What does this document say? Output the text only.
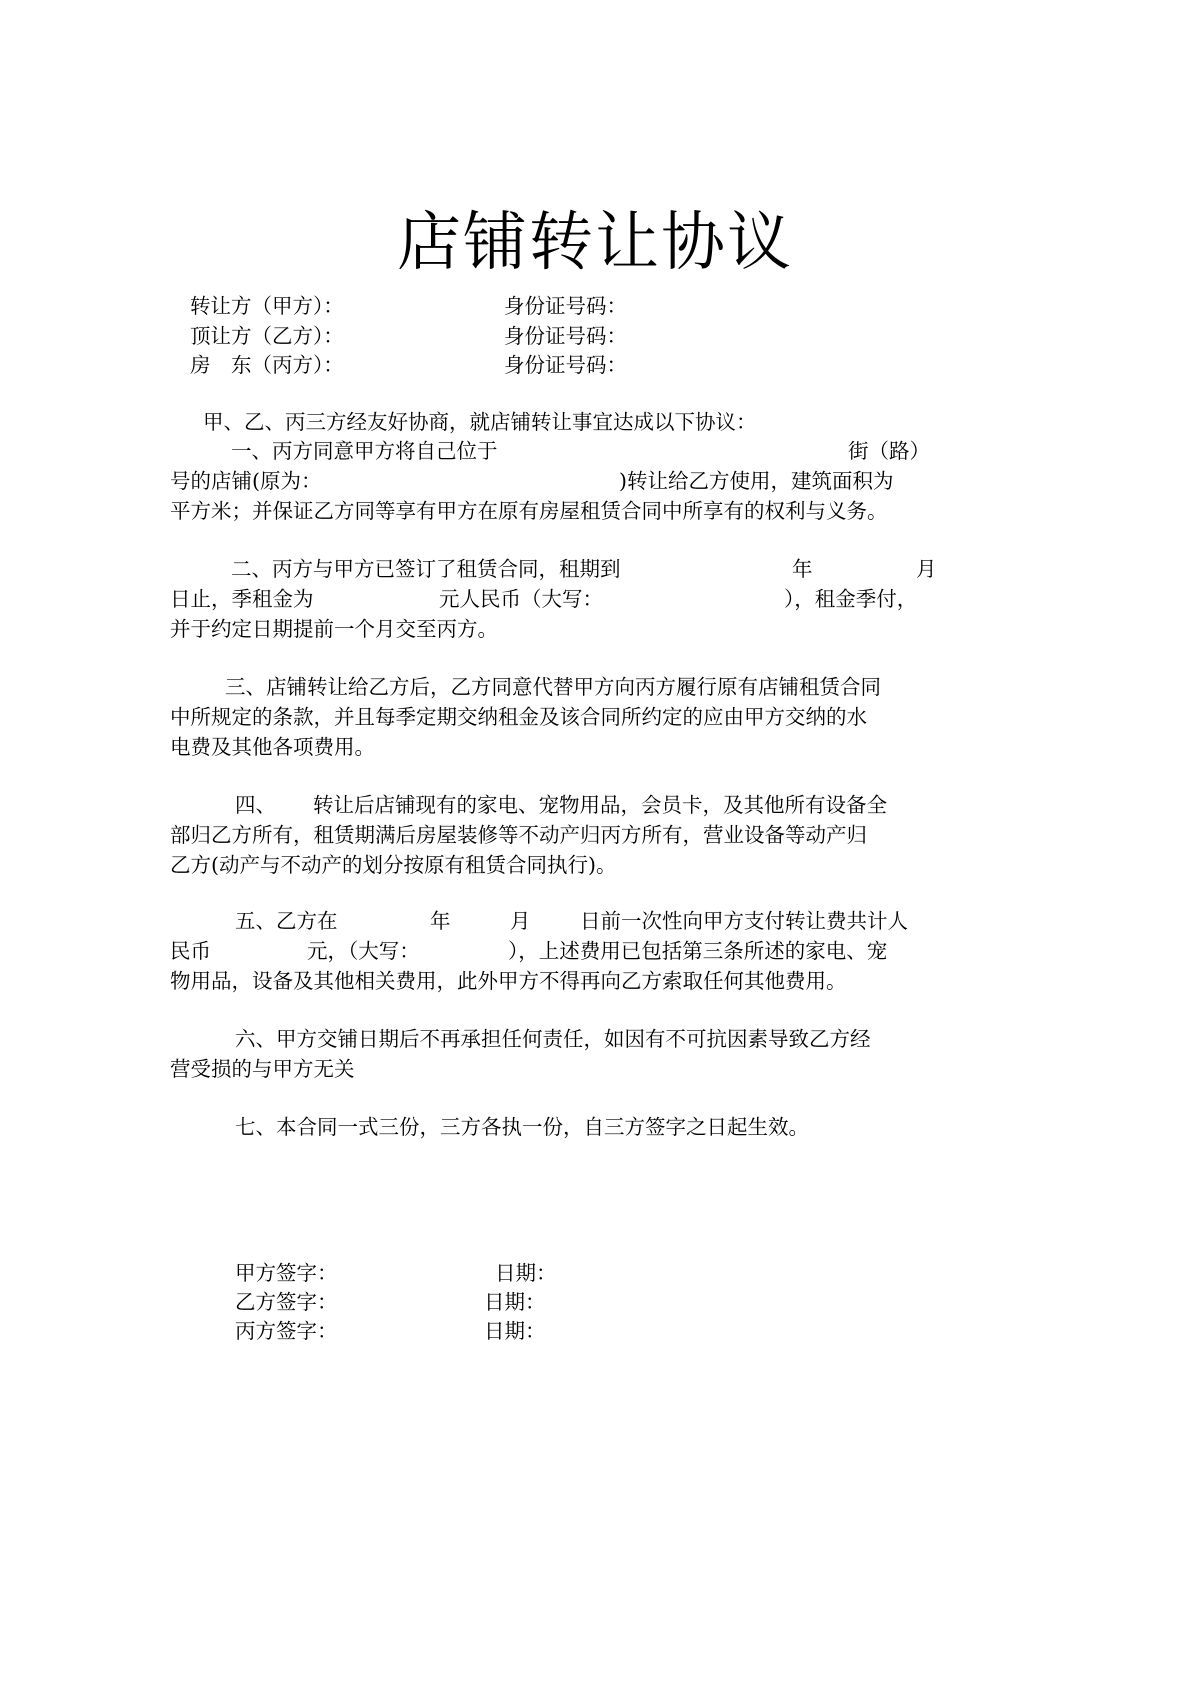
店铺转让协议
转让方（甲方）：	身份证号码：
顶让方（乙方）：	身份证号码：
房　东（丙方）：	身份证号码：
甲、乙、丙三方经友好协商，就店铺转让事宜达成以下协议：
一、丙方同意甲方将自己位于	街（路）
号的店铺(原为：	)转让给乙方使用，建筑面积为
平方米；并保证乙方同等享有甲方在原有房屋租赁合同中所享有的权利与义务。
二、丙方与甲方已签订了租赁合同，租期到	年	月
日止，季租金为	元人民币（大写：	），租金季付，
并于约定日期提前一个月交至丙方。
三、店铺转让给乙方后，乙方同意代替甲方向丙方履行原有店铺租赁合同
中所规定的条款，并且每季定期交纳租金及该合同所约定的应由甲方交纳的水
电费及其他各项费用。
四、 转让后店铺现有的家电、宠物用品，会员卡，及其他所有设备全
部归乙方所有，租赁期满后房屋装修等不动产归丙方所有，营业设备等动产归
乙方(动产与不动产的划分按原有租赁合同执行)。
五、乙方在	年	月 日前一次性向甲方支付转让费共计人
民币	元，（大写：	），上述费用已包括第三条所述的家电、宠
物用品，设备及其他相关费用，此外甲方不得再向乙方索取任何其他费用。
六、甲方交铺日期后不再承担任何责任，如因有不可抗因素导致乙方经
营受损的与甲方无关
七、本合同一式三份，三方各执一份，自三方签字之日起生效。
甲方签字：	日期：
乙方签字：	日期：
丙方签字：	日期：
